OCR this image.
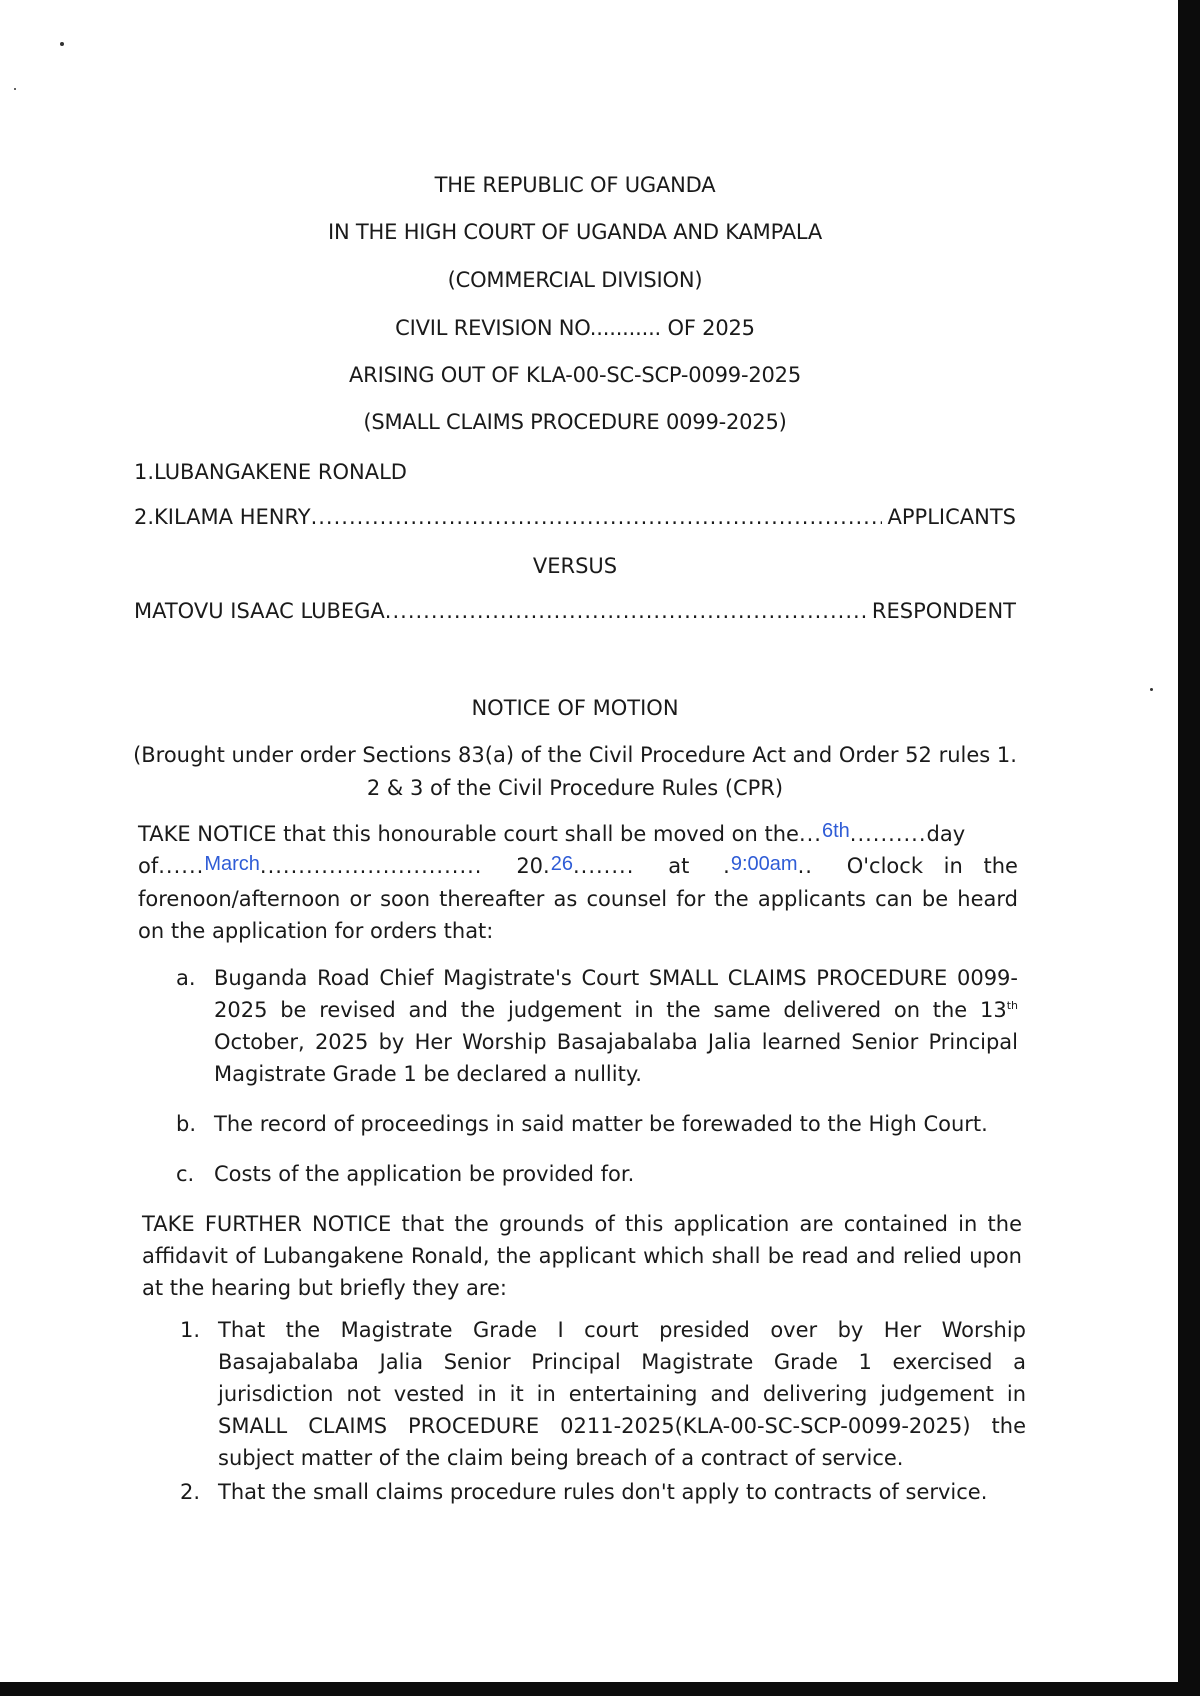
THE REPUBLIC OF UGANDA
IN THE HIGH COURT OF UGANDA AND KAMPALA
(COMMERCIAL DIVISION)
CIVIL REVISION NO........... OF 2025
ARISING OUT OF KLA-00-SC-SCP-0099-2025
(SMALL CLAIMS PROCEDURE 0099-2025)
1.LUBANGAKENE RONALD
2.KILAMA HENRY .....	APPLICANTS
VERSUS
MATOVU ISAAC LUBEGA .....	RESPONDENT
NOTICE OF MOTION
(Brought under order Sections 83(a) of the Civil Procedure Act and Order 52 rules 1.
2 & 3 of the Civil Procedure Rules (CPR)
TAKE NOTICE that this honourable court shall be moved on the ... 6th .......... day
of......March............................. 20.26........ at .9:00am.. O'clock in the
forenoon/afternoon or soon thereafter as counsel for the applicants can be heard on the application for orders that:
a. Buganda Road Chief Magistrate's Court SMALL CLAIMS PROCEDURE 0099-2025 be revised and the judgement in the same delivered on the 13th October, 2025 by Her Worship Basajabalaba Jalia learned Senior Principal Magistrate Grade 1 be declared a nullity.
b. The record of proceedings in said matter be forewaded to the High Court.
c. Costs of the application be provided for.
TAKE FURTHER NOTICE that the grounds of this application are contained in the affidavit of Lubangakene Ronald, the applicant which shall be read and relied upon at the hearing but briefly they are:
1. That the Magistrate Grade I court presided over by Her Worship Basajabalaba Jalia Senior Principal Magistrate Grade 1 exercised a jurisdiction not vested in it in entertaining and delivering judgement in SMALL CLAIMS PROCEDURE 0211-2025(KLA-00-SC-SCP-0099-2025) the subject matter of the claim being breach of a contract of service.
2. That the small claims procedure rules don't apply to contracts of service.
